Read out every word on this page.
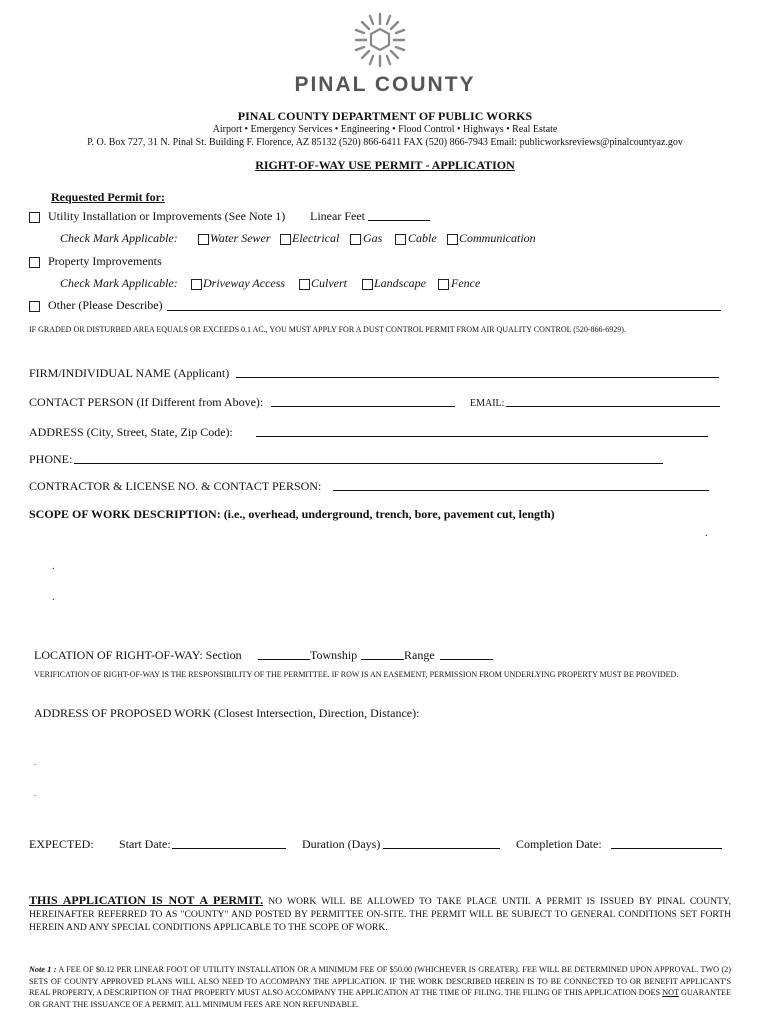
PINAL COUNTY
PINAL COUNTY DEPARTMENT OF PUBLIC WORKS
Airport • Emergency Services • Engineering • Flood Control • Highways • Real Estate
P. O. Box 727, 31 N. Pinal St. Building F. Florence, AZ 85132 (520) 866-6411 FAX (520) 866-7943 Email: publicworksreviews@pinalcountyaz.gov
RIGHT-OF-WAY USE PERMIT - APPLICATION
Requested Permit for:
Utility Installation or Improvements (See Note 1) Linear Feet
Check Mark Applicable:	Water Sewer Electrical Gas Cable Communication
Property Improvements
Check Mark Applicable: Driveway Access Culvert Landscape Fence
Other (Please Describe)
IF GRADED OR DISTURBED AREA EQUALS OR EXCEEDS 0.1 AC., YOU MUST APPLY FOR A DUST CONTROL PERMIT FROM AIR QUALITY CONTROL (520-866-6929).
FIRM/INDIVIDUAL NAME (Applicant)
CONTACT PERSON (If Different from Above):	EMAIL:
ADDRESS (City, Street, State, Zip Code):
PHONE:
CONTRACTOR & LICENSE NO. & CONTACT PERSON:
SCOPE OF WORK DESCRIPTION: (i.e., overhead, underground, trench, bore, pavement cut, length)
.
.
.
LOCATION OF RIGHT-OF-WAY: Section	Township	Range
VERIFICATION OF RIGHT-OF-WAY IS THE RESPONSIBILITY OF THE PERMITTEE. IF ROW IS AN EASEMENT, PERMISSION FROM UNDERLYING PROPERTY MUST BE PROVIDED.
ADDRESS OF PROPOSED WORK (Closest Intersection, Direction, Distance):
.
.
EXPECTED: Start Date:	Duration (Days)	Completion Date:
THIS APPLICATION IS NOT A PERMIT. NO WORK WILL BE ALLOWED TO TAKE PLACE UNTIL A PERMIT IS ISSUED BY PINAL COUNTY, HEREINAFTER REFERRED TO AS "COUNTY" AND POSTED BY PERMITTEE ON-SITE. THE PERMIT WILL BE SUBJECT TO GENERAL CONDITIONS SET FORTH HEREIN AND ANY SPECIAL CONDITIONS APPLICABLE TO THE SCOPE OF WORK.
Note 1 : A FEE OF $0.12 PER LINEAR FOOT OF UTILITY INSTALLATION OR A MINIMUM FEE OF $50.00 (WHICHEVER IS GREATER). FEE WILL BE DETERMINED UPON APPROVAL. TWO (2) SETS OF COUNTY APPROVED PLANS WILL ALSO NEED TO ACCOMPANY THE APPLICATION. IF THE WORK DESCRIBED HEREIN IS TO BE CONNECTED TO OR BENEFIT APPLICANT'S REAL PROPERTY, A DESCRIPTION OF THAT PROPERTY MUST ALSO ACCOMPANY THE APPLICATION AT THE TIME OF FILING. THE FILING OF THIS APPLICATION DOES NOT GUARANTEE OR GRANT THE ISSUANCE OF A PERMIT. ALL MINIMUM FEES ARE NON REFUNDABLE.
